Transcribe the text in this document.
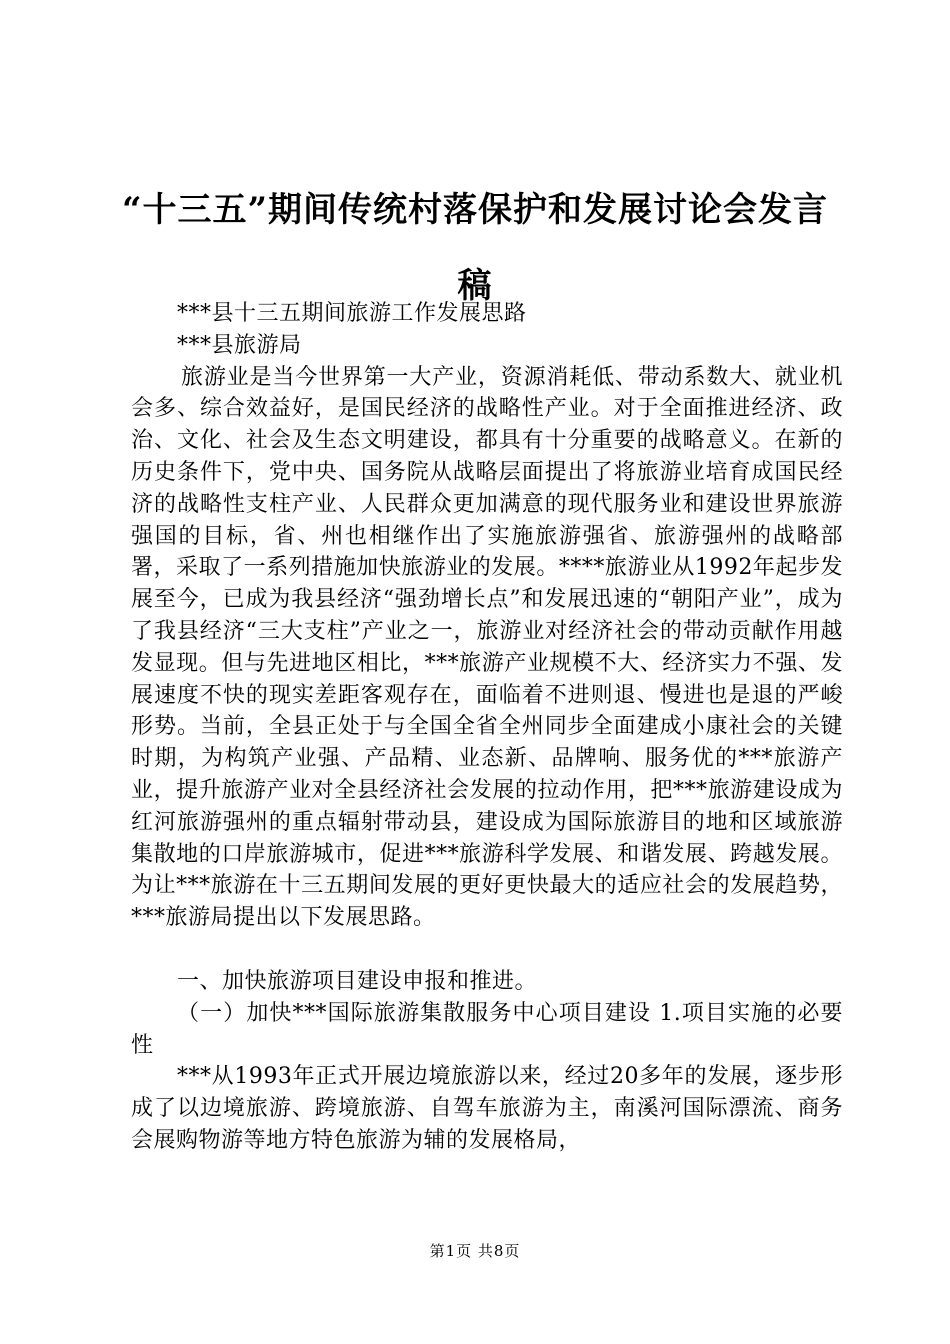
“十三五”期间传统村落保护和发展讨论会发言稿

***县十三五期间旅游工作发展思路

***县旅游局

旅游业是当今世界第一大产业，资源消耗低、带动系数大、就业机会多、综合效益好，是国民经济的战略性产业。对于全面推进经济、政治、文化、社会及生态文明建设，都具有十分重要的战略意义。在新的历史条件下，党中央、国务院从战略层面提出了将旅游业培育成国民经济的战略性支柱产业、人民群众更加满意的现代服务业和建设世界旅游强国的目标，省、州也相继作出了实施旅游强省、旅游强州的战略部署，采取了一系列措施加快旅游业的发展。****旅游业从1992年起步发展至今，已成为我县经济“强劲增长点”和发展迅速的“朝阳产业”，成为了我县经济“三大支柱”产业之一，旅游业对经济社会的带动贡献作用越发显现。但与先进地区相比，***旅游产业规模不大、经济实力不强、发展速度不快的现实差距客观存在，面临着不进则退、慢进也是退的严峻形势。当前，全县正处于与全国全省全州同步全面建成小康社会的关键时期，为构筑产业强、产品精、业态新、品牌响、服务优的***旅游产业，提升旅游产业对全县经济社会发展的拉动作用，把***旅游建设成为红河旅游强州的重点辐射带动县，建设成为国际旅游目的地和区域旅游集散地的口岸旅游城市，促进***旅游科学发展、和谐发展、跨越发展。为让***旅游在十三五期间发展的更好更快最大的适应社会的发展趋势，***旅游局提出以下发展思路。

一、加快旅游项目建设申报和推进。

（一）加快***国际旅游集散服务中心项目建设 1.项目实施的必要性

***从1993年正式开展边境旅游以来，经过20多年的发展，逐步形成了以边境旅游、跨境旅游、自驾车旅游为主，南溪河国际漂流、商务会展购物游等地方特色旅游为辅的发展格局，

第1页 共8页
